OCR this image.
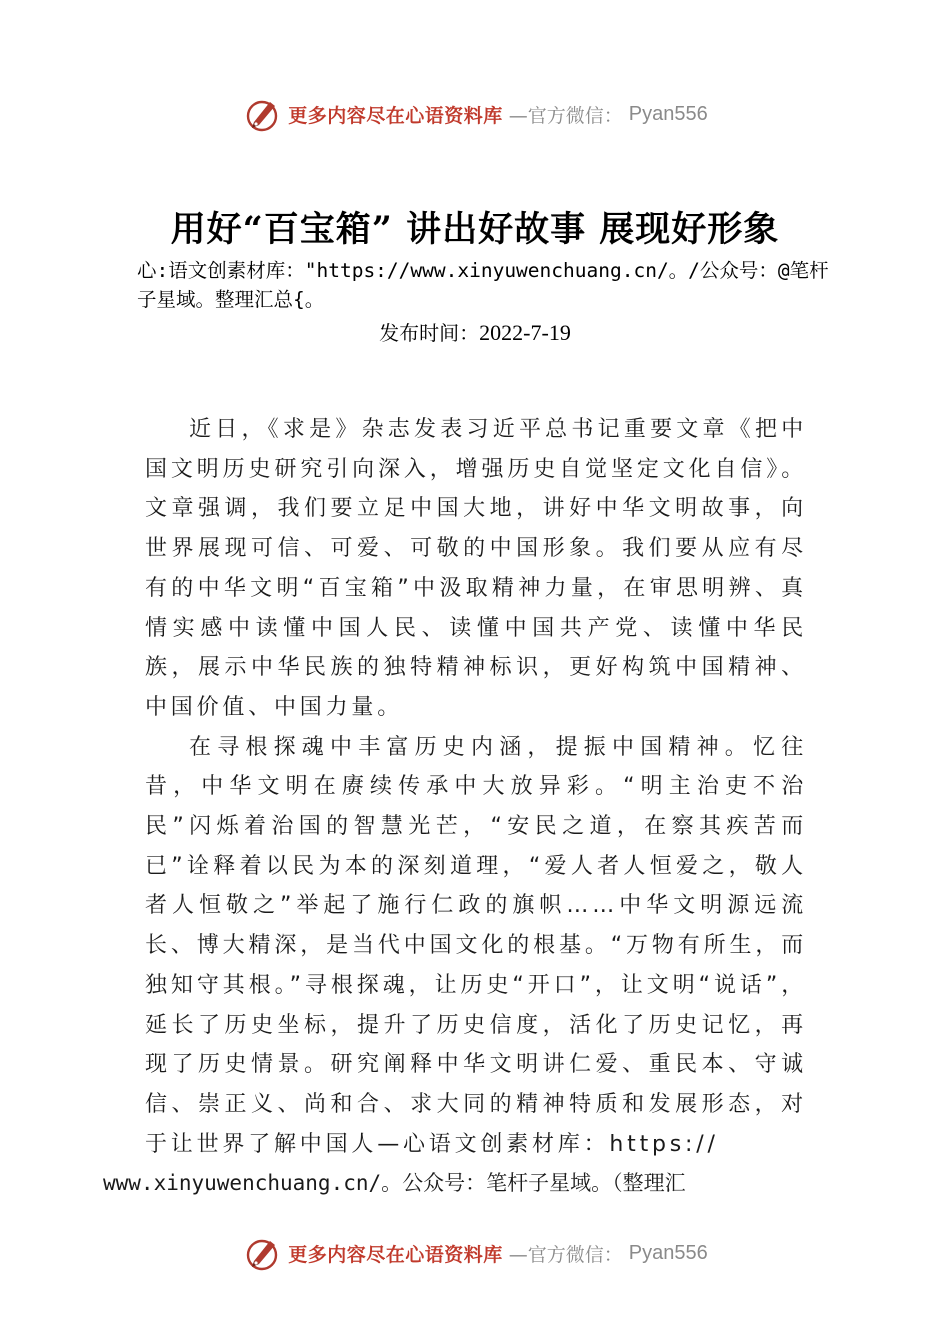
更多内容尽在心语资料库 —官方微信： Pyan556
用好“百宝箱” 讲出好故事 展现好形象
心:语文创素材库："https://www.xinyuwenchuang.cn/。/公众号：@笔杆子星域。整理汇总{。
发布时间：2022-7-19

近日，《求是》杂志发表习近平总书记重要文章《把中国文明历史研究引向深入，增强历史自觉坚定文化自信》。文章强调，我们要立足中国大地，讲好中华文明故事，向世界展现可信、可爱、可敬的中国形象。我们要从应有尽有的中华文明“百宝箱”中汲取精神力量，在审思明辨、真情实感中读懂中国人民、读懂中国共产党、读懂中华民族，展示中华民族的独特精神标识，更好构筑中国精神、中国价值、中国力量。

在寻根探魂中丰富历史内涵，提振中国精神。忆往昔，中华文明在赓续传承中大放异彩。“明主治吏不治民”闪烁着治国的智慧光芒，“安民之道，在察其疾苦而已”诠释着以民为本的深刻道理，“爱人者人恒爱之，敬人者人恒敬之”举起了施行仁政的旗帜……中华文明源远流长、博大精深，是当代中国文化的根基。“万物有所生，而独知守其根。”寻根探魂，让历史“开口”，让文明“说话”，延长了历史坐标，提升了历史信度，活化了历史记忆，再现了历史情景。研究阐释中华文明讲仁爱、重民本、守诚信、崇正义、尚和合、求大同的精神特质和发展形态，对于让世界了解中国人—心语文创素材库：https://
www.xinyuwenchuang.cn/。公众号：笔杆子星域。（整理汇

更多内容尽在心语资料库 —官方微信： Pyan556
